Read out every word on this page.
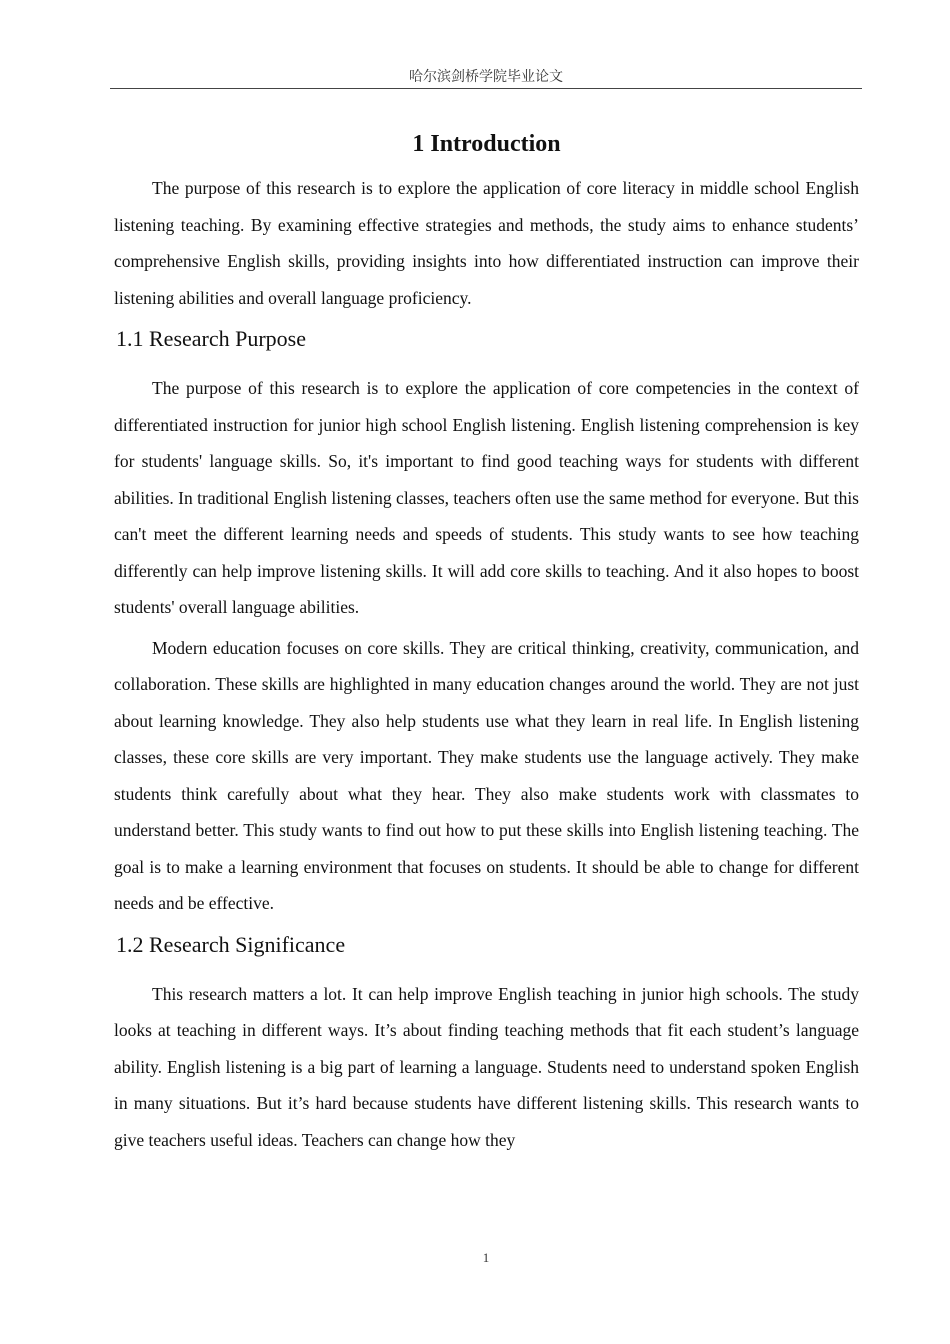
哈尔滨剑桥学院毕业论文
1 Introduction

The purpose of this research is to explore the application of core literacy in middle school English listening teaching. By examining effective strategies and methods, the study aims to enhance students’ comprehensive English skills, providing insights into how differentiated instruction can improve their listening abilities and overall language proficiency.

1.1 Research Purpose

The purpose of this research is to explore the application of core competencies in the context of differentiated instruction for junior high school English listening. English listening comprehension is key for students' language skills. So, it's important to find good teaching ways for students with different abilities. In traditional English listening classes, teachers often use the same method for everyone. But this can't meet the different learning needs and speeds of students. This study wants to see how teaching differently can help improve listening skills. It will add core skills to teaching. And it also hopes to boost students' overall language abilities.

Modern education focuses on core skills. They are critical thinking, creativity, communication, and collaboration. These skills are highlighted in many education changes around the world. They are not just about learning knowledge. They also help students use what they learn in real life. In English listening classes, these core skills are very important. They make students use the language actively. They make students think carefully about what they hear. They also make students work with classmates to understand better. This study wants to find out how to put these skills into English listening teaching. The goal is to make a learning environment that focuses on students. It should be able to change for different needs and be effective.

1.2 Research Significance

This research matters a lot. It can help improve English teaching in junior high schools. The study looks at teaching in different ways. It’s about finding teaching methods that fit each student’s language ability. English listening is a big part of learning a language. Students need to understand spoken English in many situations. But it’s hard because students have different listening skills. This research wants to give teachers useful ideas. Teachers can change how they

1
